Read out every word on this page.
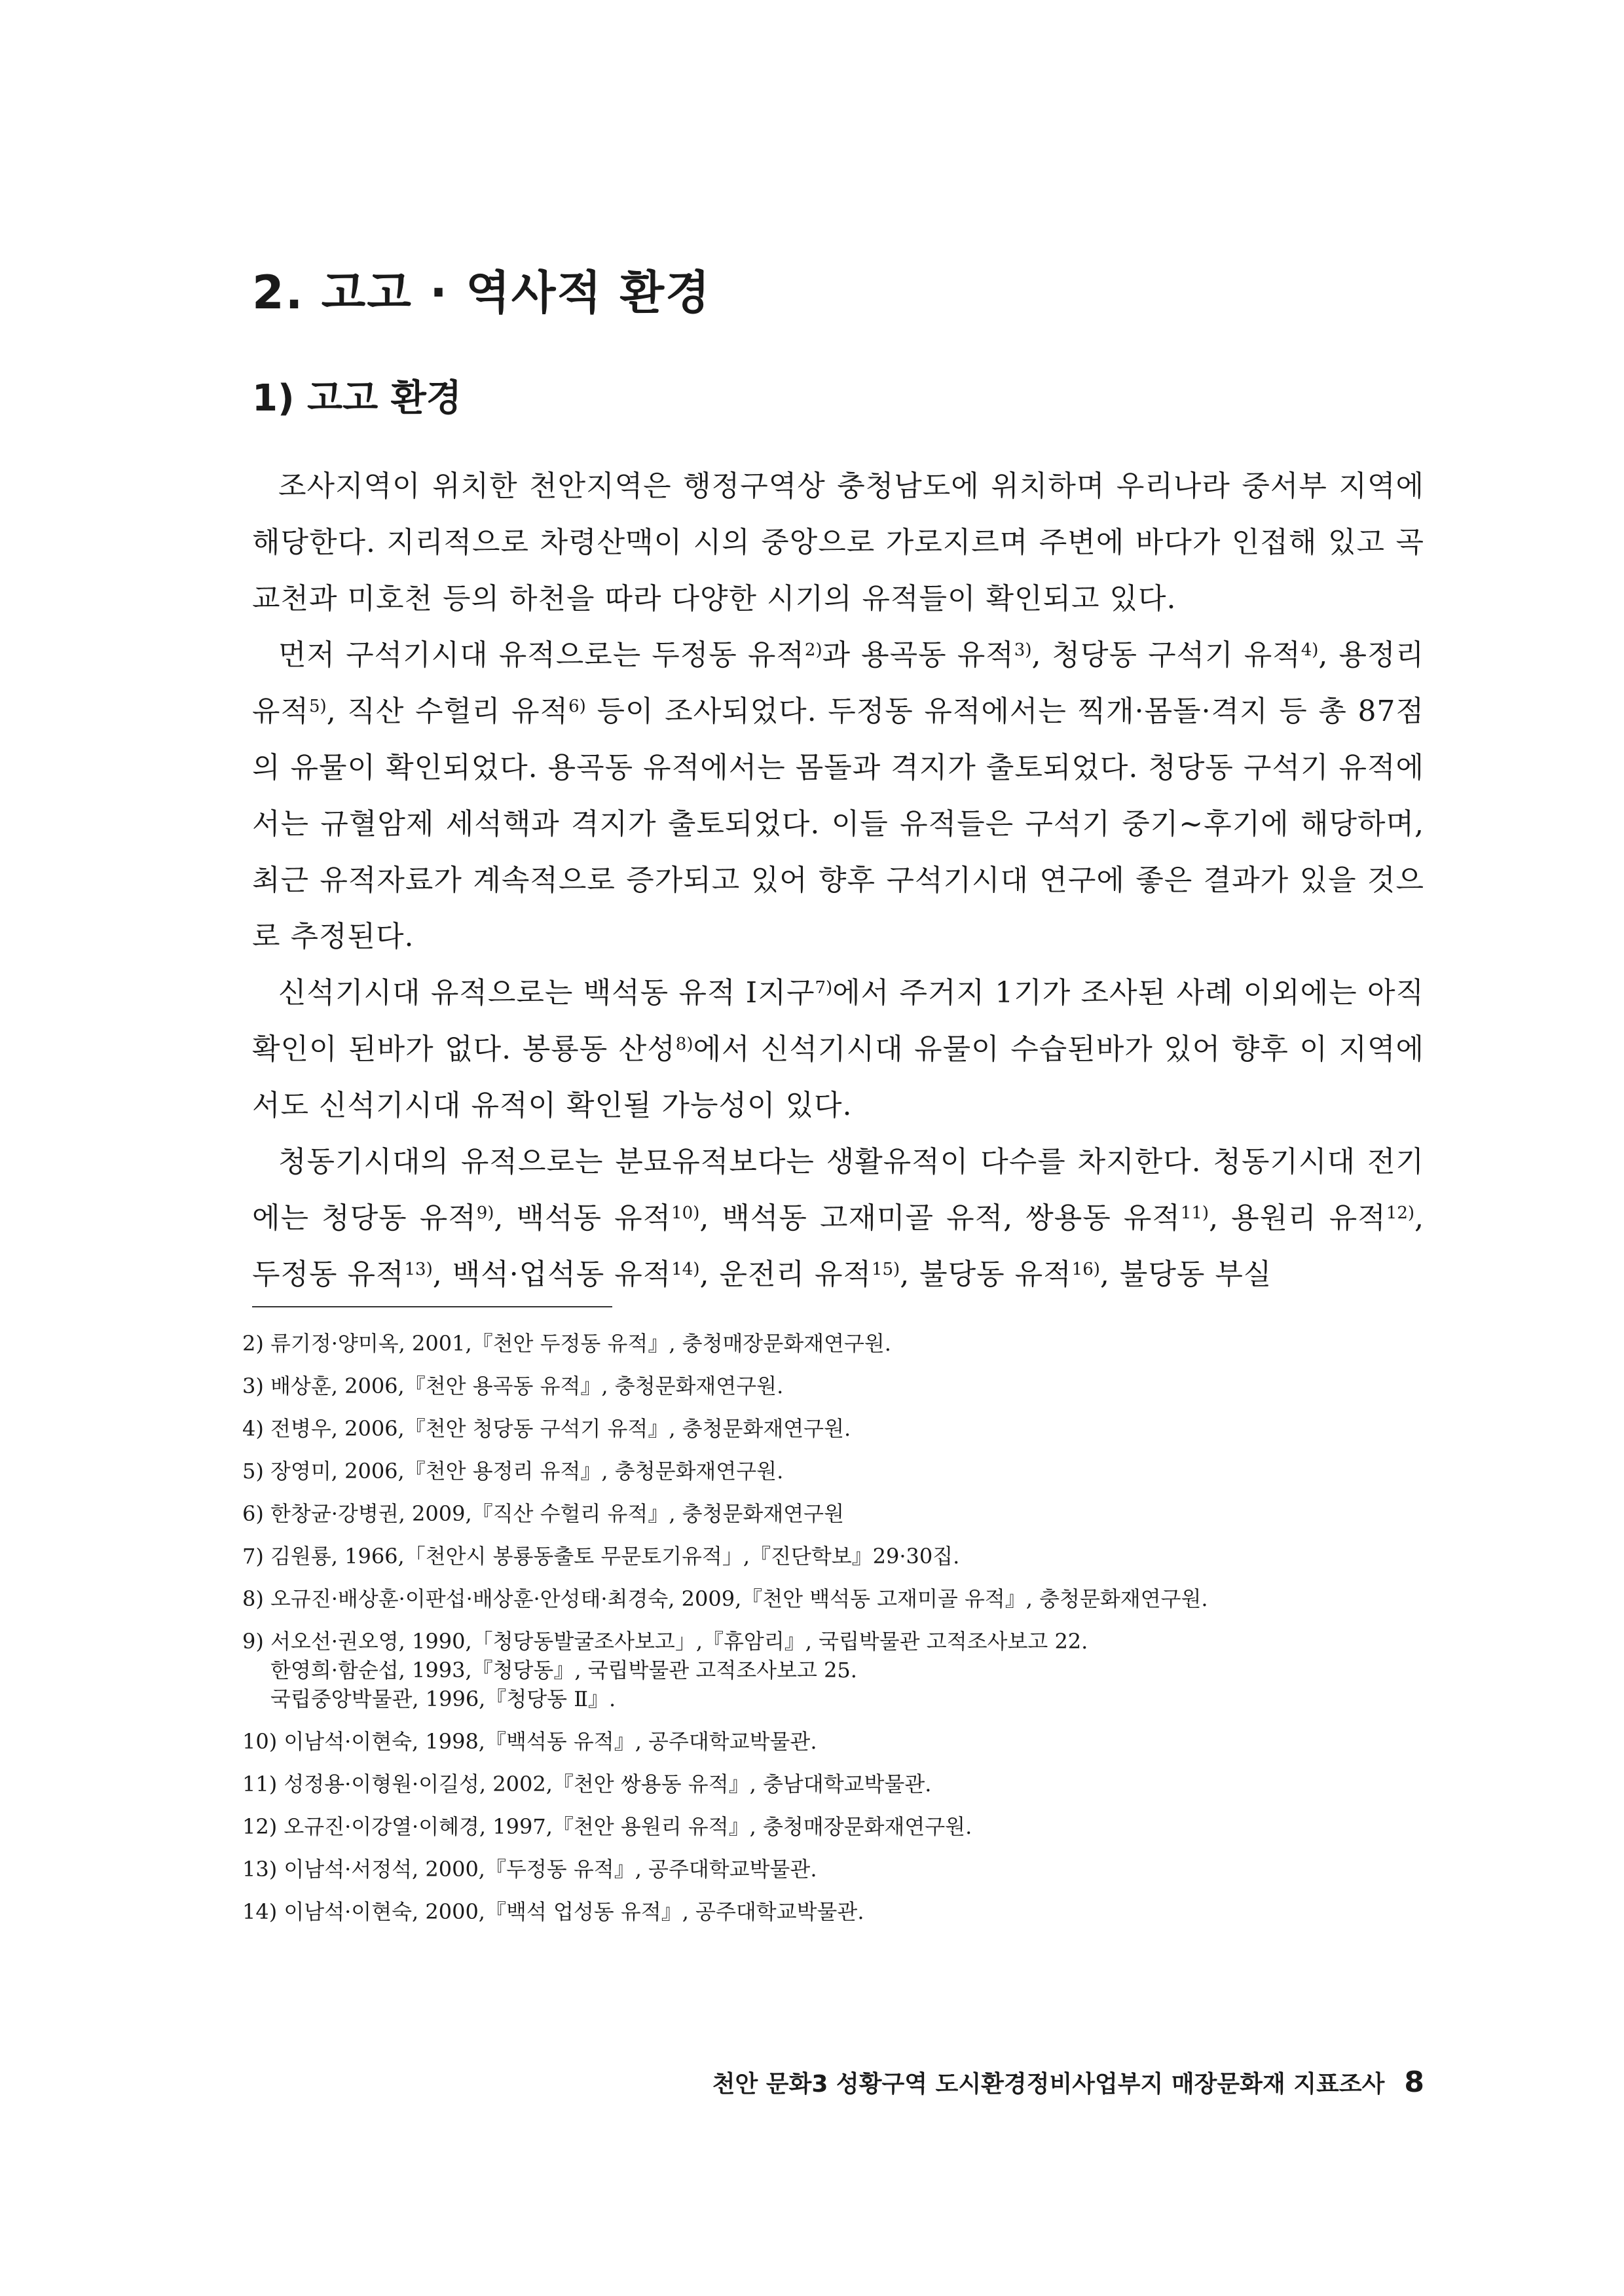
2. 고고 · 역사적 환경
1) 고고 환경

조사지역이 위치한 천안지역은 행정구역상 충청남도에 위치하며 우리나라 중서부 지역에 해당한다. 지리적으로 차령산맥이 시의 중앙으로 가로지르며 주변에 바다가 인접해 있고 곡교천과 미호천 등의 하천을 따라 다양한 시기의 유적들이 확인되고 있다.

먼저 구석기시대 유적으로는 두정동 유적$^{2)}$과 용곡동 유적$^{3)}$, 청당동 구석기 유적$^{4)}$, 용정리 유적$^{5)}$, 직산 수헐리 유적$^{6)}$ 등이 조사되었다. 두정동 유적에서는 찍개·몸돌·격지 등 총 87점의 유물이 확인되었다. 용곡동 유적에서는 몸돌과 격지가 출토되었다. 청당동 구석기 유적에서는 규혈암제 세석핵과 격지가 출토되었다. 이들 유적들은 구석기 중기~후기에 해당하며, 최근 유적자료가 계속적으로 증가되고 있어 향후 구석기시대 연구에 좋은 결과가 있을 것으로 추정된다.

신석기시대 유적으로는 백석동 유적 Ⅰ지구$^{7)}$에서 주거지 1기가 조사된 사례 이외에는 아직 확인이 된바가 없다. 봉룡동 산성$^{8)}$에서 신석기시대 유물이 수습된바가 있어 향후 이 지역에서도 신석기시대 유적이 확인될 가능성이 있다.

청동기시대의 유적으로는 분묘유적보다는 생활유적이 다수를 차지한다. 청동기시대 전기에는 청당동 유적$^{9)}$, 백석동 유적$^{10)}$, 백석동 고재미골 유적, 쌍용동 유적$^{11)}$, 용원리 유적$^{12)}$, 두정동 유적$^{13)}$, 백석·업석동 유적$^{14)}$, 운전리 유적$^{15)}$, 불당동 유적$^{16)}$, 불당동 부실

2)
류기정·양미옥, 2001,『천안 두정동 유적』, 충청매장문화재연구원.
3)
배상훈, 2006,『천안 용곡동 유적』, 충청문화재연구원.
4)
전병우, 2006,『천안 청당동 구석기 유적』, 충청문화재연구원.
5)
장영미, 2006,『천안 용정리 유적』, 충청문화재연구원.
6)
한창균·강병권, 2009,『직산 수헐리 유적』, 충청문화재연구원
7)
김원룡, 1966,「천안시 봉룡동출토 무문토기유적」,『진단학보』29·30집.
8)
오규진·배상훈·이판섭·배상훈·안성태·최경숙, 2009,『천안 백석동 고재미골 유적』, 충청문화재연구원.
9)
서오선·권오영, 1990,「청당동발굴조사보고」,『휴암리』, 국립박물관 고적조사보고 22.
한영희·함순섭, 1993,『청당동』, 국립박물관 고적조사보고 25.
국립중앙박물관, 1996,『청당동 Ⅱ』.
10)
이남석·이현숙, 1998,『백석동 유적』, 공주대학교박물관.
11)
성정용·이형원·이길성, 2002,『천안 쌍용동 유적』, 충남대학교박물관.
12)
오규진·이강열·이혜경, 1997,『천안 용원리 유적』, 충청매장문화재연구원.
13)
이남석·서정석, 2000,『두정동 유적』, 공주대학교박물관.
14)
이남석·이현숙, 2000,『백석 업성동 유적』, 공주대학교박물관.
천안 문화3 성황구역 도시환경정비사업부지 매장문화재 지표조사 8
